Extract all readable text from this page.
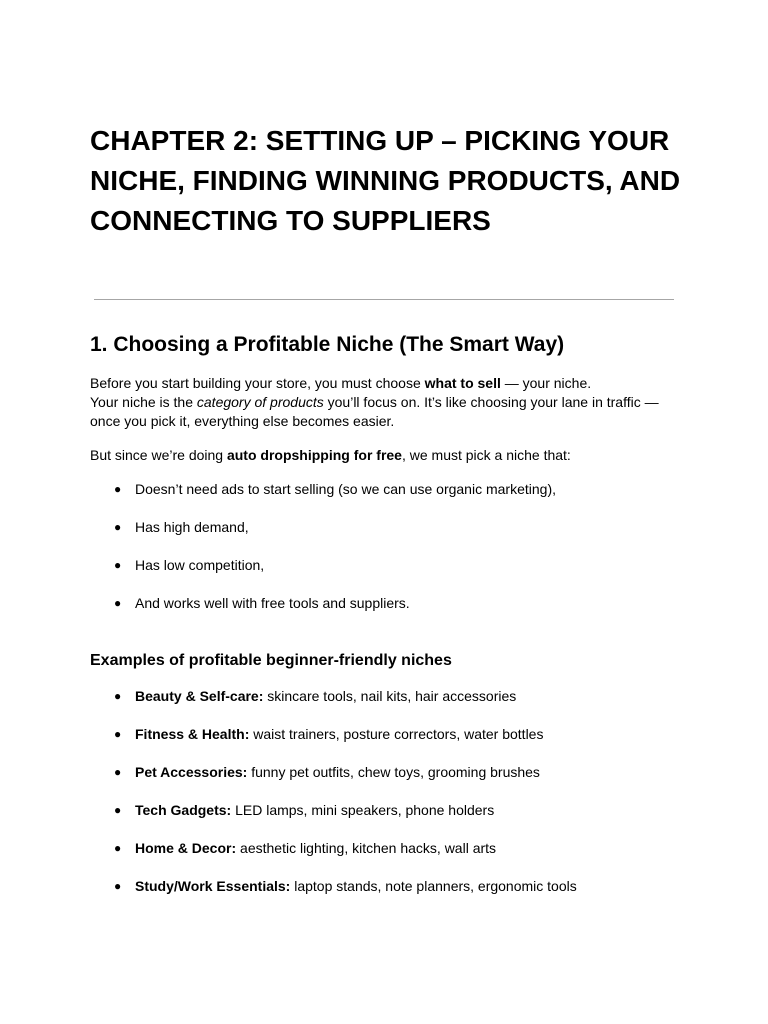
CHAPTER 2: SETTING UP – PICKING YOUR NICHE, FINDING WINNING PRODUCTS, AND CONNECTING TO SUPPLIERS
1. Choosing a Profitable Niche (The Smart Way)

Before you start building your store, you must choose what to sell — your niche.
Your niche is the category of products you’ll focus on. It’s like choosing your lane in traffic —
once you pick it, everything else becomes easier.

But since we’re doing auto dropshipping for free, we must pick a niche that:

● Doesn’t need ads to start selling (so we can use organic marketing),
● Has high demand,
● Has low competition,
● And works well with free tools and suppliers.
Examples of profitable beginner-friendly niches
● Beauty & Self-care: skincare tools, nail kits, hair accessories
● Fitness & Health: waist trainers, posture correctors, water bottles
● Pet Accessories: funny pet outfits, chew toys, grooming brushes
● Tech Gadgets: LED lamps, mini speakers, phone holders
● Home & Decor: aesthetic lighting, kitchen hacks, wall arts
● Study/Work Essentials: laptop stands, note planners, ergonomic tools
